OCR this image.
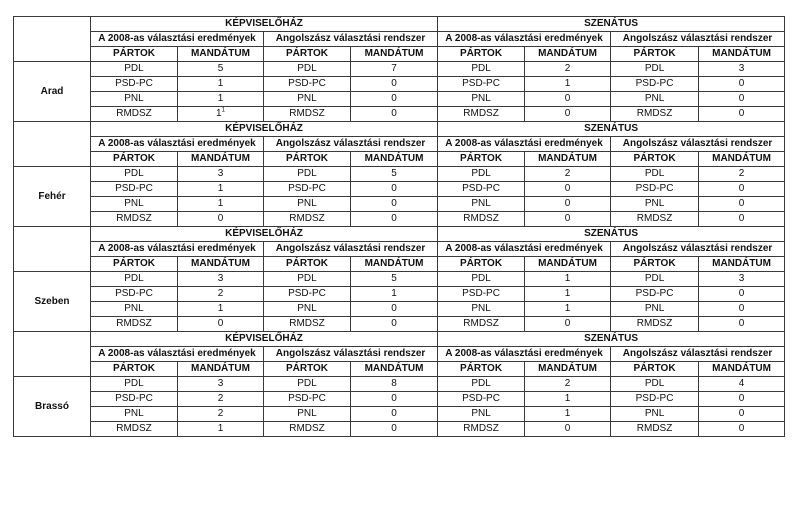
	KÉPVISELŐHÁZ				SZENÁTUS			
	A 2008-as választási eredmények		Angolszász választási rendszer		A 2008-as választási eredmények		Angolszász választási rendszer	
	PÁRTOK	MANDÁTUM	PÁRTOK	MANDÁTUM	PÁRTOK	MANDÁTUM	PÁRTOK	MANDÁTUM
Arad	PDL	5	PDL	7	PDL	2	PDL	3
	PSD-PC	1	PSD-PC	0	PSD-PC	1	PSD-PC	0
	PNL	1	PNL	0	PNL	0	PNL	0
	RMDSZ	$1^1$	RMDSZ	0	RMDSZ	0	RMDSZ	0
	KÉPVISELŐHÁZ				SZENÁTUS			
	A 2008-as választási eredmények		Angolszász választási rendszer		A 2008-as választási eredmények		Angolszász választási rendszer	
	PÁRTOK	MANDÁTUM	PÁRTOK	MANDÁTUM	PÁRTOK	MANDÁTUM	PÁRTOK	MANDÁTUM
Fehér	PDL	3	PDL	5	PDL	2	PDL	2
	PSD-PC	1	PSD-PC	0	PSD-PC	0	PSD-PC	0
	PNL	1	PNL	0	PNL	0	PNL	0
	RMDSZ	0	RMDSZ	0	RMDSZ	0	RMDSZ	0
	KÉPVISELŐHÁZ				SZENÁTUS			
	A 2008-as választási eredmények		Angolszász választási rendszer		A 2008-as választási eredmények		Angolszász választási rendszer	
	PÁRTOK	MANDÁTUM	PÁRTOK	MANDÁTUM	PÁRTOK	MANDÁTUM	PÁRTOK	MANDÁTUM
Szeben	PDL	3	PDL	5	PDL	1	PDL	3
	PSD-PC	2	PSD-PC	1	PSD-PC	1	PSD-PC	0
	PNL	1	PNL	0	PNL	1	PNL	0
	RMDSZ	0	RMDSZ	0	RMDSZ	0	RMDSZ	0
	KÉPVISELŐHÁZ				SZENÁTUS			
	A 2008-as választási eredmények		Angolszász választási rendszer		A 2008-as választási eredmények		Angolszász választási rendszer	
	PÁRTOK	MANDÁTUM	PÁRTOK	MANDÁTUM	PÁRTOK	MANDÁTUM	PÁRTOK	MANDÁTUM
Brassó	PDL	3	PDL	8	PDL	2	PDL	4
	PSD-PC	2	PSD-PC	0	PSD-PC	1	PSD-PC	0
	PNL	2	PNL	0	PNL	1	PNL	0
	RMDSZ	1	RMDSZ	0	RMDSZ	0	RMDSZ	0
